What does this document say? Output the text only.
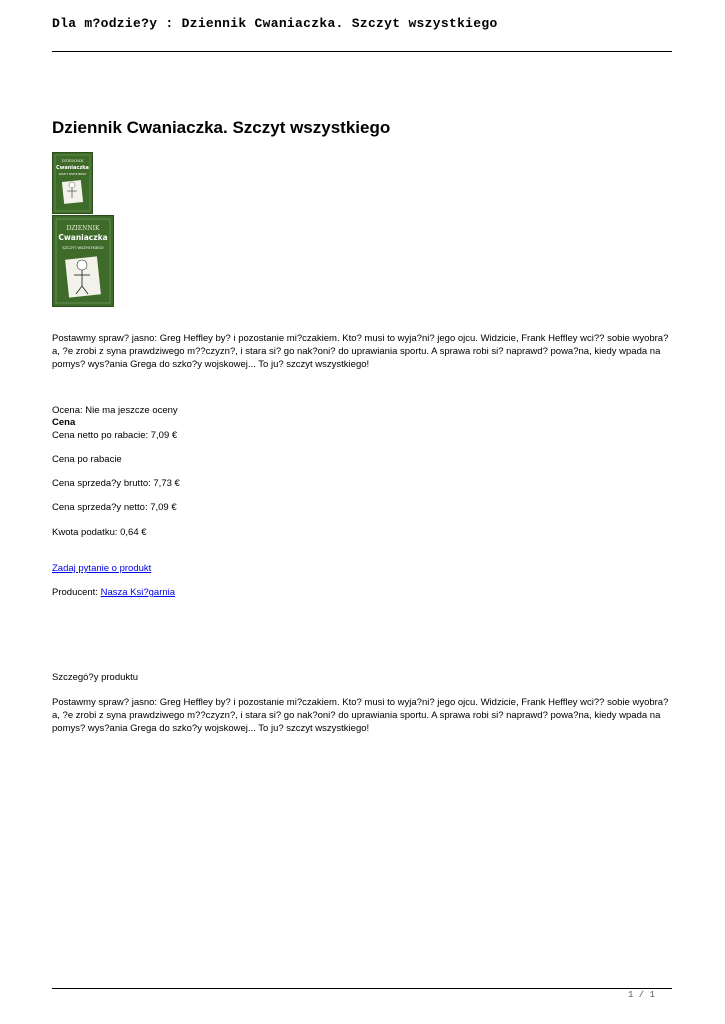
Dla m?odzie?y : Dziennik Cwaniaczka. Szczyt wszystkiego
Dziennik Cwaniaczka. Szczyt wszystkiego
DZIENNIK
Cwaniaczka
SZCZYT WSZYSTKIEGO
DZIENNIK
Cwaniaczka
SZCZYT WSZYSTKIEGO
Postawmy spraw? jasno: Greg Heffley by? i pozostanie mi?czakiem. Kto? musi to wyja?ni? jego ojcu. Widzicie, Frank Heffley wci?? sobie wyobra?a, ?e zrobi z syna prawdziwego m??czyzn?, i stara si? go nak?oni? do uprawiania sportu. A sprawa robi si? naprawd? powa?na, kiedy wpada na pomys? wys?ania Grega do szko?y wojskowej... To ju? szczyt wszystkiego!
Ocena: Nie ma jeszcze oceny
Cena
Cena netto po rabacie: 7,09 €
Cena po rabacie
Cena sprzeda?y brutto: 7,73 €
Cena sprzeda?y netto: 7,09 €
Kwota podatku: 0,64 €
Zadaj pytanie o produkt
Producent: Nasza Ksi?garnia
Szczegó?y produktu
Postawmy spraw? jasno: Greg Heffley by? i pozostanie mi?czakiem. Kto? musi to wyja?ni? jego ojcu. Widzicie, Frank Heffley wci?? sobie wyobra?a, ?e zrobi z syna prawdziwego m??czyzn?, i stara si? go nak?oni? do uprawiania sportu. A sprawa robi si? naprawd? powa?na, kiedy wpada na pomys? wys?ania Grega do szko?y wojskowej... To ju? szczyt wszystkiego!
1 / 1
